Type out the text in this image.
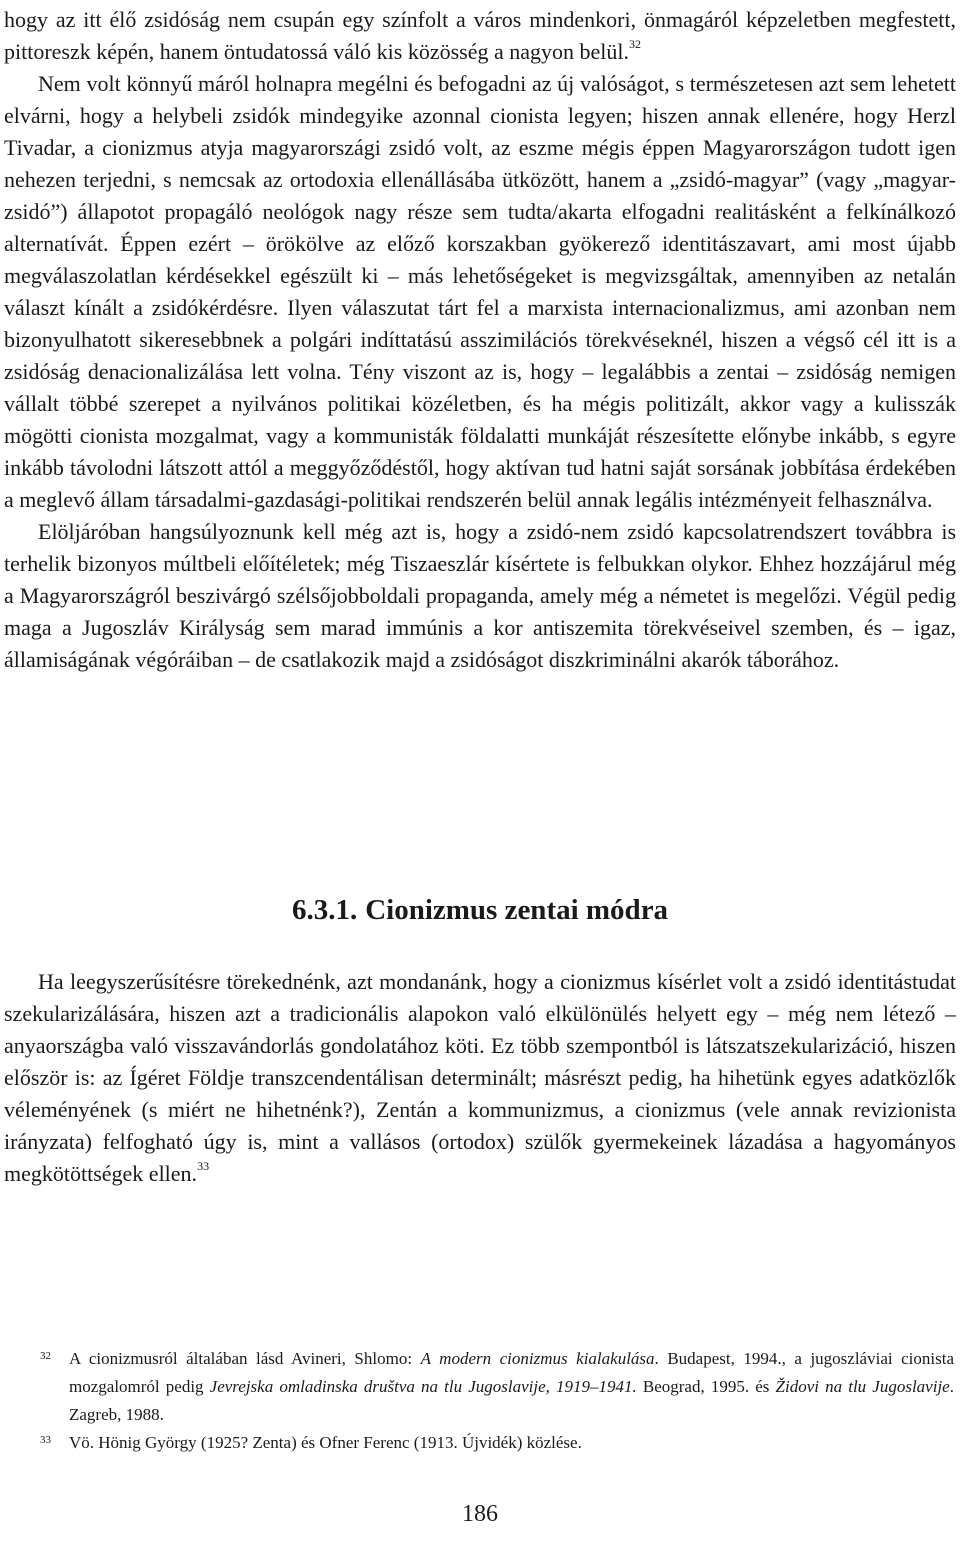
hogy az itt élő zsidóság nem csupán egy színfolt a város mindenkori, önmagáról képzeletben megfestett, pittoreszk képén, hanem öntudatossá váló kis közösség a nagyon belül.$^{32}$

Nem volt könnyű máról holnapra megélni és befogadni az új valóságot, s természetesen azt sem lehetett elvárni, hogy a helybeli zsidók mindegyike azonnal cionista legyen; hiszen annak ellenére, hogy Herzl Tivadar, a cionizmus atyja magyarországi zsidó volt, az eszme mégis éppen Magyarországon tudott igen nehezen terjedni, s nemcsak az ortodoxia ellenállásába ütközött, hanem a „zsidó-magyar” (vagy „magyar-zsidó”) állapotot propagáló neológok nagy része sem tudta/akarta elfogadni realitásként a felkínálkozó alternatívát. Éppen ezért – örökölve az előző korszakban gyökerező identitászavart, ami most újabb megválaszolatlan kérdésekkel egészült ki – más lehetőségeket is megvizsgáltak, amennyiben az netalán választ kínált a zsidókérdésre. Ilyen válaszutat tárt fel a marxista internacionalizmus, ami azonban nem bizonyulhatott sikeresebbnek a polgári indíttatású asszimilációs törekvéseknél, hiszen a végső cél itt is a zsidóság denacionalizálása lett volna. Tény viszont az is, hogy – legalábbis a zentai – zsidóság nemigen vállalt többé szerepet a nyilvános politikai közéletben, és ha mégis politizált, akkor vagy a kulisszák mögötti cionista mozgalmat, vagy a kommunisták földalatti munkáját részesítette előnybe inkább, s egyre inkább távolodni látszott attól a meggyőződéstől, hogy aktívan tud hatni saját sorsának jobbítása érdekében a meglevő állam társadalmi-gazdasági-politikai rendszerén belül annak legális intézményeit felhasználva.

Elöljáróban hangsúlyoznunk kell még azt is, hogy a zsidó-nem zsidó kapcsolatrendszert továbbra is terhelik bizonyos múltbeli előítéletek; még Tiszaeszlár kísértete is felbukkan olykor. Ehhez hozzájárul még a Magyarországról beszivárgó szélsőjobboldali propaganda, amely még a németet is megelőzi. Végül pedig maga a Jugoszláv Királyság sem marad immúnis a kor antiszemita törekvéseivel szemben, és – igaz, államiságának végóráiban – de csatlakozik majd a zsidóságot diszkriminálni akarók táborához.

6.3.1. Cionizmus zentai módra

Ha leegyszerűsítésre törekednénk, azt mondanánk, hogy a cionizmus kísérlet volt a zsidó identitástudat szekularizálására, hiszen azt a tradicionális alapokon való elkülönülés helyett egy – még nem létező – anyaországba való visszavándorlás gondolatához köti. Ez több szempontból is látszatszekularizáció, hiszen először is: az Ígéret Földje transzcendentálisan determinált; másrészt pedig, ha hihetünk egyes adatközlők véleményének (s miért ne hihetnénk?), Zentán a kommunizmus, a cionizmus (vele annak revizionista irányzata) felfogható úgy is, mint a vallásos (ortodox) szülők gyermekeinek lázadása a hagyományos megkötöttségek ellen.$^{33}$

32 A cionizmusról általában lásd Avineri, Shlomo: A modern cionizmus kialakulása. Budapest, 1994., a jugoszláviai cionista mozgalomról pedig Jevrejska omladinska društva na tlu Jugoslavije, 1919–1941. Beograd, 1995. és Židovi na tlu Jugoslavije. Zagreb, 1988.
33 Vö. Hönig György (1925? Zenta) és Ofner Ferenc (1913. Újvidék) közlése.
186
